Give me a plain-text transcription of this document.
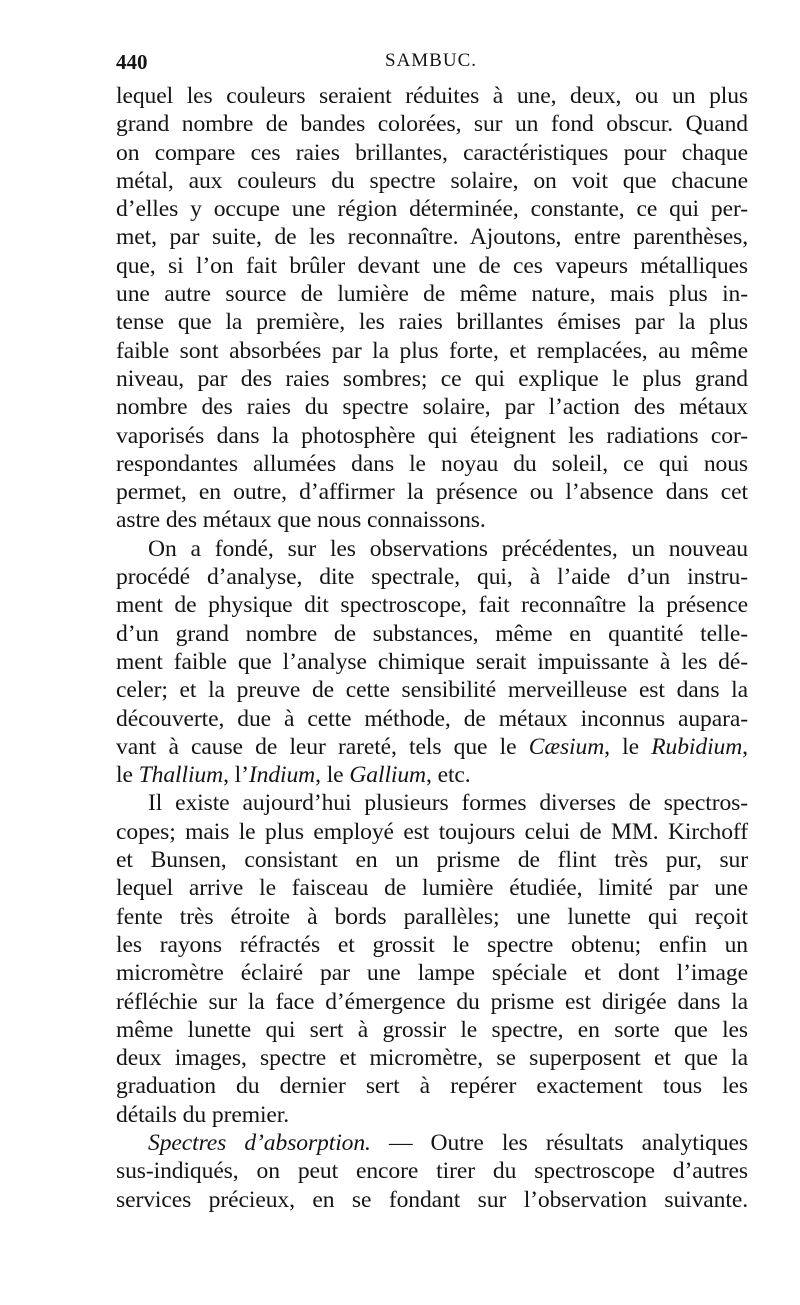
440	SAMBUC.
lequel les couleurs seraient réduites à une, deux, ou un plus
grand nombre de bandes colorées, sur un fond obscur. Quand
on compare ces raies brillantes, caractéristiques pour chaque
métal, aux couleurs du spectre solaire, on voit que chacune
d’elles y occupe une région déterminée, constante, ce qui per-
met, par suite, de les reconnaître. Ajoutons, entre parenthèses,
que, si l’on fait brûler devant une de ces vapeurs métalliques
une autre source de lumière de même nature, mais plus in-
tense que la première, les raies brillantes émises par la plus
faible sont absorbées par la plus forte, et remplacées, au même
niveau, par des raies sombres; ce qui explique le plus grand
nombre des raies du spectre solaire, par l’action des métaux
vaporisés dans la photosphère qui éteignent les radiations cor-
respondantes allumées dans le noyau du soleil, ce qui nous
permet, en outre, d’affirmer la présence ou l’absence dans cet
astre des métaux que nous connaissons.
On a fondé, sur les observations précédentes, un nouveau
procédé d’analyse, dite spectrale, qui, à l’aide d’un instru-
ment de physique dit spectroscope, fait reconnaître la présence
d’un grand nombre de substances, même en quantité telle-
ment faible que l’analyse chimique serait impuissante à les dé-
celer; et la preuve de cette sensibilité merveilleuse est dans la
découverte, due à cette méthode, de métaux inconnus aupara-
vant à cause de leur rareté, tels que le Cæsium, le Rubidium,
le Thallium, l’Indium, le Gallium, etc.
Il existe aujourd’hui plusieurs formes diverses de spectros-
copes; mais le plus employé est toujours celui de MM. Kirchoff
et Bunsen, consistant en un prisme de flint très pur, sur
lequel arrive le faisceau de lumière étudiée, limité par une
fente très étroite à bords parallèles; une lunette qui reçoit
les rayons réfractés et grossit le spectre obtenu; enfin un
micromètre éclairé par une lampe spéciale et dont l’image
réfléchie sur la face d’émergence du prisme est dirigée dans la
même lunette qui sert à grossir le spectre, en sorte que les
deux images, spectre et micromètre, se superposent et que la
graduation du dernier sert à repérer exactement tous les
détails du premier.
Spectres d’absorption. — Outre les résultats analytiques
sus-indiqués, on peut encore tirer du spectroscope d’autres
services précieux, en se fondant sur l’observation suivante.
